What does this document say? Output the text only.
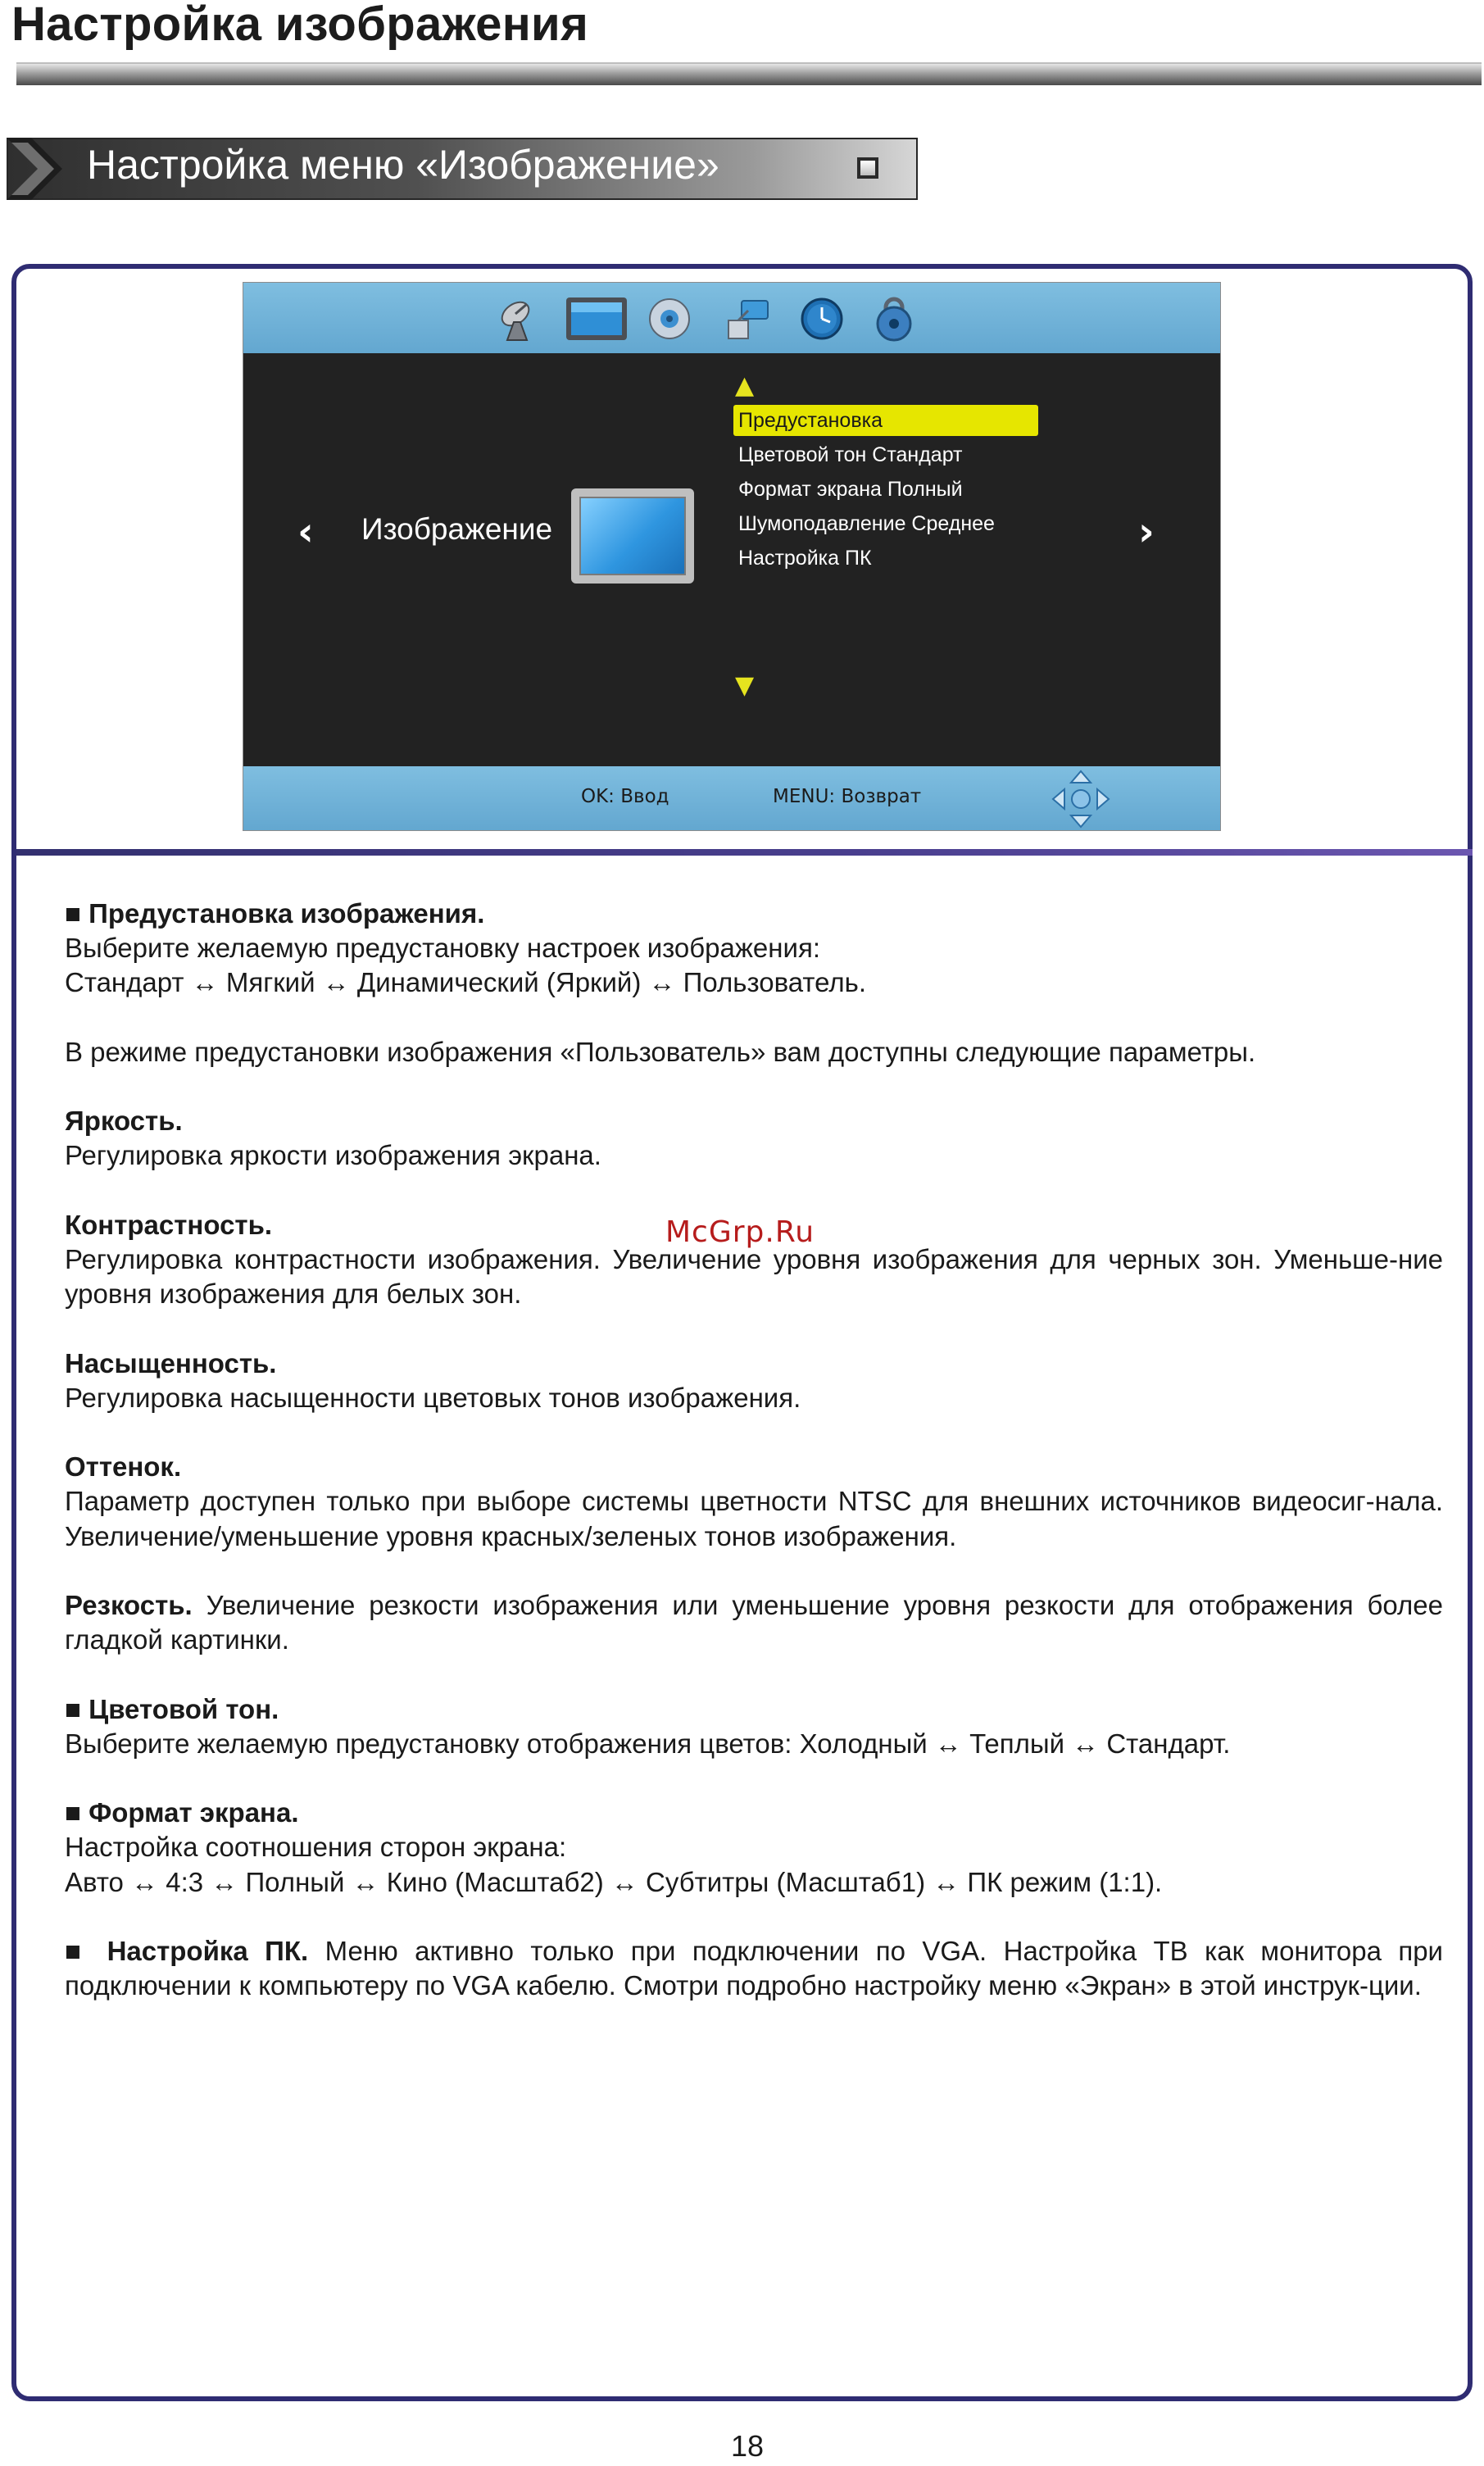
Настройка изображения
Настройка меню «Изображение»
‹ Изображение	›
▲
Предустановка
Цветовой тон Стандарт
Формат экрана Полный
Шумоподавление Среднее
Настройка ПК
▼
OK: Ввод	MENU: Возврат

■ Предустановка изображения.
Выберите желаемую предустановку настроек изображения:
Стандарт ↔ Мягкий ↔ Динамический (Яркий) ↔ Пользователь.

В режиме предустановки изображения «Пользователь» вам доступны следующие параметры.

Яркость.
Регулировка яркости изображения экрана.

Контрастность.
Регулировка контрастности изображения. Увеличение уровня изображения для черных зон. Уменьше-ние уровня изображения для белых зон.

Насыщенность.
Регулировка насыщенности цветовых тонов изображения.

Оттенок.
Параметр доступен только при выборе системы цветности NTSC для внешних источников видеосиг-нала. Увеличение/уменьшение уровня красных/зеленых тонов изображения.

Резкость. Увеличение резкости изображения или уменьшение уровня резкости для отображения более гладкой картинки.

■ Цветовой тон.
Выберите желаемую предустановку отображения цветов: Холодный ↔ Теплый ↔ Стандарт.

■ Формат экрана.
Настройка соотношения сторон экрана:
Авто ↔ 4:3 ↔ Полный ↔ Кино (Масштаб2) ↔ Субтитры (Масштаб1) ↔ ПК режим (1:1).

■ Настройка ПК. Меню активно только при подключении по VGA. Настройка ТВ как монитора при подключении к компьютеру по VGA кабелю. Смотри подробно настройку меню «Экран» в этой инструк-ции.

McGrp.Ru
18
